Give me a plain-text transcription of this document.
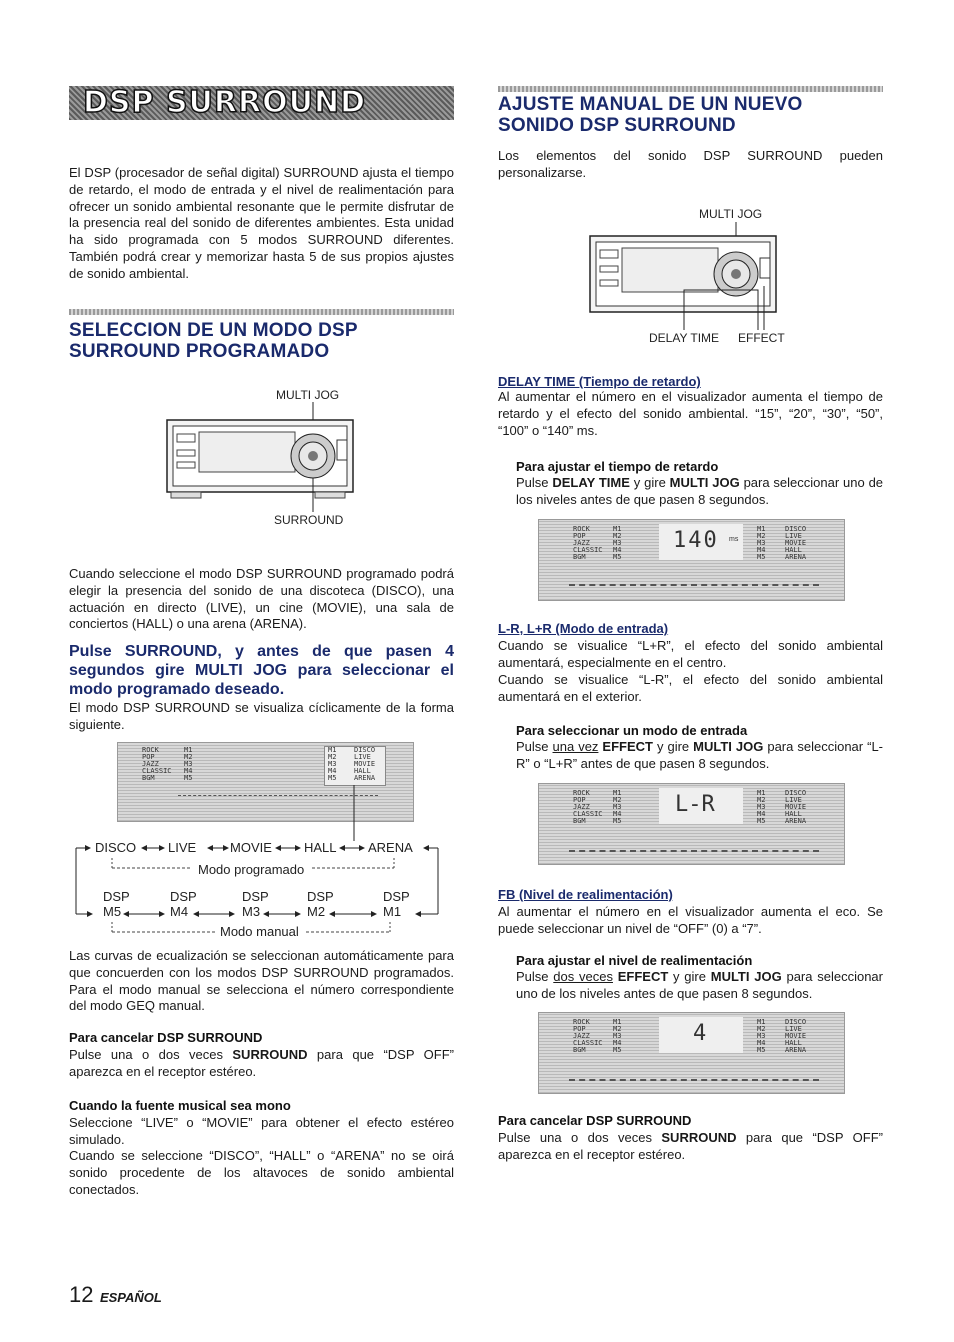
DSP SURROUND

El DSP (procesador de señal digital) SURROUND ajusta el tiempo de retardo, el modo de entrada y el nivel de realimentación para ofrecer un sonido ambiental resonante que le permite disfrutar de la presencia real del sonido de diferentes ambientes. Esta unidad ha sido programada con 5 modos SURROUND diferentes. También podrá crear y memorizar hasta 5 de sus propios ajustes de sonido ambiental.

SELECCION DE UN MODO DSP SURROUND PROGRAMADO
MULTI JOG
SURROUND

Cuando seleccione el modo DSP SURROUND programado podrá elegir la presencia del sonido de una discoteca (DISCO), una actuación en directo (LIVE), un cine (MOVIE), una sala de conciertos (HALL) o una arena (ARENA).

Pulse SURROUND, y antes de que pasen 4 segundos gire MULTI JOG para seleccionar el modo programado deseado.

El modo DSP SURROUND se visualiza cíclicamente de la forma siguiente.

ROCK
POP
JAZZ
CLASSIC
BGM
M1
M2
M3
M4
M5
M1
M2
M3
M4
M5
DISCO
LIVE
MOVIE
HALL
ARENA
DISCO LIVE	MOVIE HALL ARENA
Modo programado
DSP	DSP	DSP	DSP	DSP
M5	M4	M3	M2	M1
Modo manual

Las curvas de ecualización se seleccionan automáticamente para que concuerden con los modos DSP SURROUND programados. Para el modo manual se selecciona el número correspondiente del modo GEQ manual.

Para cancelar DSP SURROUND

Pulse una o dos veces SURROUND para que “DSP OFF” aparezca en el receptor estéreo.

Cuando la fuente musical sea mono

Seleccione “LIVE” o “MOVIE” para obtener el efecto estéreo simulado.

Cuando se seleccione “DISCO”, “HALL” o “ARENA” no se oirá sonido procedente de los altavoces de sonido ambiental conectados.

12 ESPAÑOL
AJUSTE MANUAL DE UN NUEVO SONIDO DSP SURROUND

Los elementos del sonido DSP SURROUND pueden personalizarse.

MULTI JOG
DELAY TIME EFFECT
DELAY TIME (Tiempo de retardo)

Al aumentar el número en el visualizador aumenta el tiempo de retardo y el efecto del sonido ambiental. “15”, “20”, “30”, “50”, “100” o “140” ms.

Para ajustar el tiempo de retardo

Pulse DELAY TIME y gire MULTI JOG para seleccionar uno de los niveles antes de que pasen 8 segundos.

ROCK
POP
JAZZ
CLASSIC
BGM
M1
M2
M3
M4
M5
140 ms
M1
M2
M3
M4
M5
DISCO
LIVE
MOVIE
HALL
ARENA
L-R, L+R (Modo de entrada)

Cuando se visualice “L+R”, el efecto del sonido ambiental aumentará, especialmente en el centro.

Cuando se visualice “L-R”, el efecto del sonido ambiental aumentará en el exterior.

Para seleccionar un modo de entrada

Pulse una vez EFFECT y gire MULTI JOG para seleccionar “L-R” o “L+R” antes de que pasen 8 segundos.

ROCK
POP
JAZZ
CLASSIC
BGM
M1
M2
M3
M4
M5
L-R	M1
M2
M3
M4
M5
DISCO
LIVE
MOVIE
HALL
ARENA
FB (Nivel de realimentación)

Al aumentar el número en el visualizador aumenta el eco. Se puede seleccionar un nivel de “OFF” (0) a “7”.

Para ajustar el nivel de realimentación

Pulse dos veces EFFECT y gire MULTI JOG para seleccionar uno de los niveles antes de que pasen 8 segundos.

ROCK
POP
JAZZ
CLASSIC
BGM
M1
M2
M3
M4
M5
4	M1
M2
M3
M4
M5
DISCO
LIVE
MOVIE
HALL
ARENA
Para cancelar DSP SURROUND

Pulse una o dos veces SURROUND para que “DSP OFF” aparezca en el receptor estéreo.
